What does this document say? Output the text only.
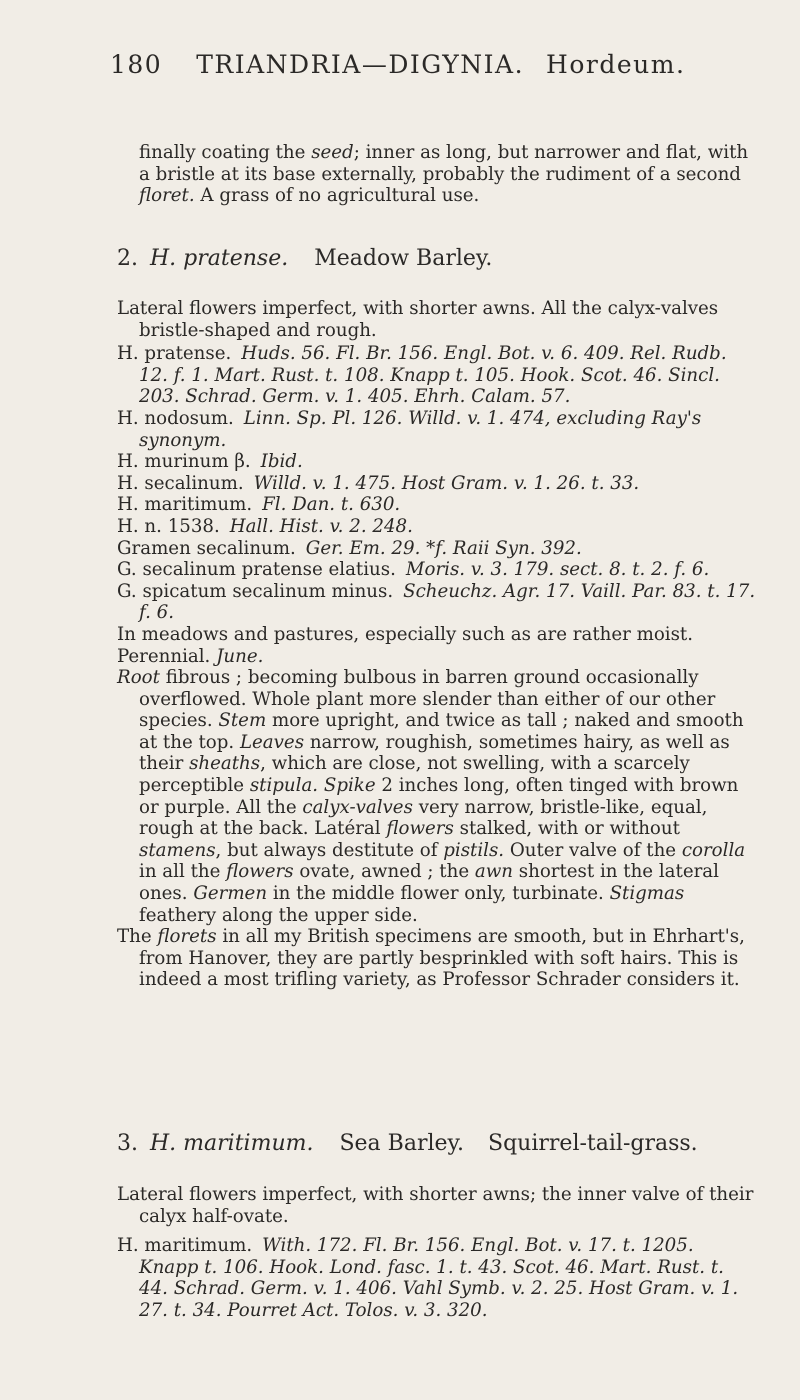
180 TRIANDRIA—DIGYNIA. Hordeum.
finally coating the seed; inner as long, but narrower and flat, with a bristle at its base externally, probably the rudiment of a second floret. A grass of no agricultural use.
2. H. pratense. Meadow Barley.

Lateral flowers imperfect, with shorter awns. All the calyx-valves bristle-shaped and rough.

H. pratense. Huds. 56. Fl. Br. 156. Engl. Bot. v. 6. 409. Rel. Rudb. 12. f. 1. Mart. Rust. t. 108. Knapp t. 105. Hook. Scot. 46. Sincl. 203. Schrad. Germ. v. 1. 405. Ehrh. Calam. 57.

H. nodosum. Linn. Sp. Pl. 126. Willd. v. 1. 474, excluding Ray's synonym.

H. murinum β. Ibid.

H. secalinum. Willd. v. 1. 475. Host Gram. v. 1. 26. t. 33.

H. maritimum. Fl. Dan. t. 630.

H. n. 1538. Hall. Hist. v. 2. 248.

Gramen secalinum. Ger. Em. 29. *f. Raii Syn. 392.

G. secalinum pratense elatius. Moris. v. 3. 179. sect. 8. t. 2. f. 6.

G. spicatum secalinum minus. Scheuchz. Agr. 17. Vaill. Par. 83. t. 17. f. 6.

In meadows and pastures, especially such as are rather moist.

Perennial. June.

Root fibrous ; becoming bulbous in barren ground occasionally overflowed. Whole plant more slender than either of our other species. Stem more upright, and twice as tall ; naked and smooth at the top. Leaves narrow, roughish, sometimes hairy, as well as their sheaths, which are close, not swelling, with a scarcely perceptible stipula. Spike 2 inches long, often tinged with brown or purple. All the calyx-valves very narrow, bristle-like, equal, rough at the back. Latéral flowers stalked, with or without stamens, but always destitute of pistils. Outer valve of the corolla in all the flowers ovate, awned ; the awn shortest in the lateral ones. Germen in the middle flower only, turbinate. Stigmas feathery along the upper side.

The florets in all my British specimens are smooth, but in Ehrhart's, from Hanover, they are partly besprinkled with soft hairs. This is indeed a most trifling variety, as Professor Schrader considers it.

3. H. maritimum. Sea Barley. Squirrel-tail-grass.

Lateral flowers imperfect, with shorter awns; the inner valve of their calyx half-ovate.

H. maritimum. With. 172. Fl. Br. 156. Engl. Bot. v. 17. t. 1205. Knapp t. 106. Hook. Lond. fasc. 1. t. 43. Scot. 46. Mart. Rust. t. 44. Schrad. Germ. v. 1. 406. Vahl Symb. v. 2. 25. Host Gram. v. 1. 27. t. 34. Pourret Act. Tolos. v. 3. 320.
